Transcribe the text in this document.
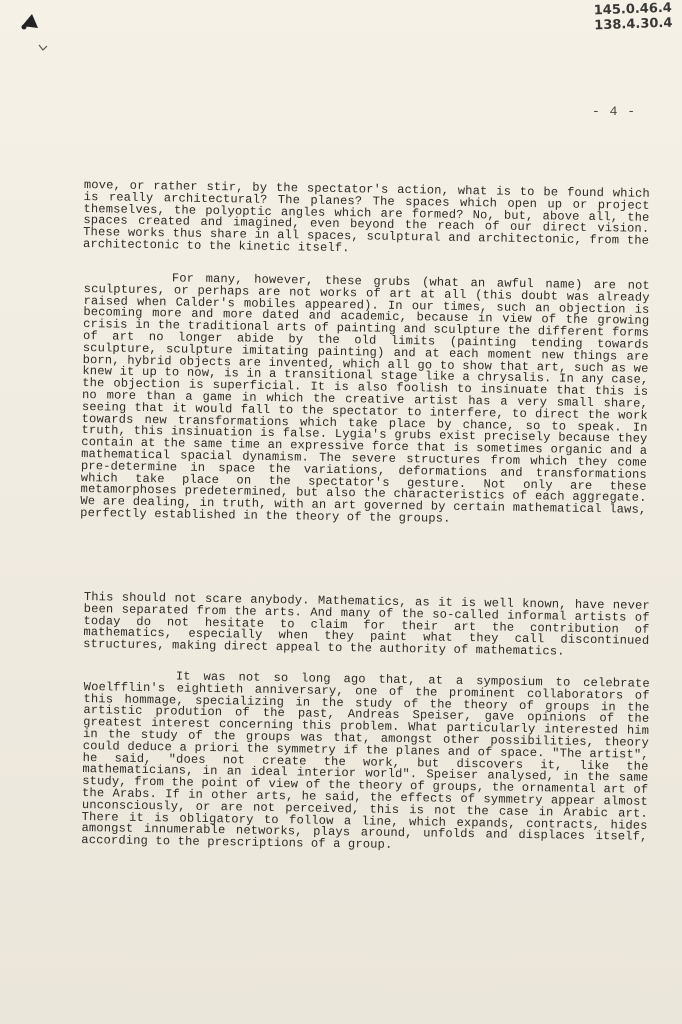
145.0.46.4
138.4.30.4
- 4 -
move, or rather stir, by the spectator's action, what is to be found which is really architectural? The planes? The spaces which open up or project themselves, the polyoptic angles which are formed? No, but, above all, the spaces created and imagined, even beyond the reach of our direct vision. These works thus share in all spaces, sculptural and architectonic, from the architectonic to the kinetic itself.
For many, however, these grubs (what an awful name) are not sculptures, or perhaps are not works of art at all (this doubt was already raised when Calder's mobiles appeared). In our times, such an objection is becoming more and more dated and academic, because in view of the growing crisis in the traditional arts of painting and sculpture the different forms of art no longer abide by the old limits (painting tending towards sculpture, sculpture imitating painting) and at each moment new things are born, hybrid objects are invented, which all go to show that art, such as we knew it up to now, is in a transitional stage like a chrysalis. In any case, the objection is superficial. It is also foolish to insinuate that this is no more than a game in which the creative artist has a very small share, seeing that it would fall to the spectator to interfere, to direct the work towards new transformations which take place by chance, so to speak. In truth, this insinuation is false. Lygia's grubs exist precisely because they contain at the same time an expressive force that is sometimes organic and a mathematical spacial dynamism. The severe structures from which they come pre-determine in space the variations, deformations and transformations which take place on the spectator's gesture. Not only are these metamorphoses predetermined, but also the characteristics of each aggregate. We are dealing, in truth, with an art governed by certain mathematical laws, perfectly established in the theory of the groups.
This should not scare anybody. Mathematics, as it is well known, have never been separated from the arts. And many of the so-called informal artists of today do not hesitate to claim for their art the contribution of mathematics, especially when they paint what they call discontinued structures, making direct appeal to the authority of mathematics.
It was not so long ago that, at a symposium to celebrate Woelfflin's eightieth anniversary, one of the prominent collaborators of this hommage, specializing in the study of the theory of groups in the artistic prodution of the past, Andreas Speiser, gave opinions of the greatest interest concerning this problem. What particularly interested him in the study of the groups was that, amongst other possibilities, theory could deduce a priori the symmetry if the planes and of space. "The artist", he said, "does not create the work, but discovers it, like the mathematicians, in an ideal interior world". Speiser analysed, in the same study, from the point of view of the theory of groups, the ornamental art of the Arabs. If in other arts, he said, the effects of symmetry appear almost unconsciously, or are not perceived, this is not the case in Arabic art. There it is obligatory to follow a line, which expands, contracts, hides amongst innumerable networks, plays around, unfolds and displaces itself, according to the prescriptions of a group.
